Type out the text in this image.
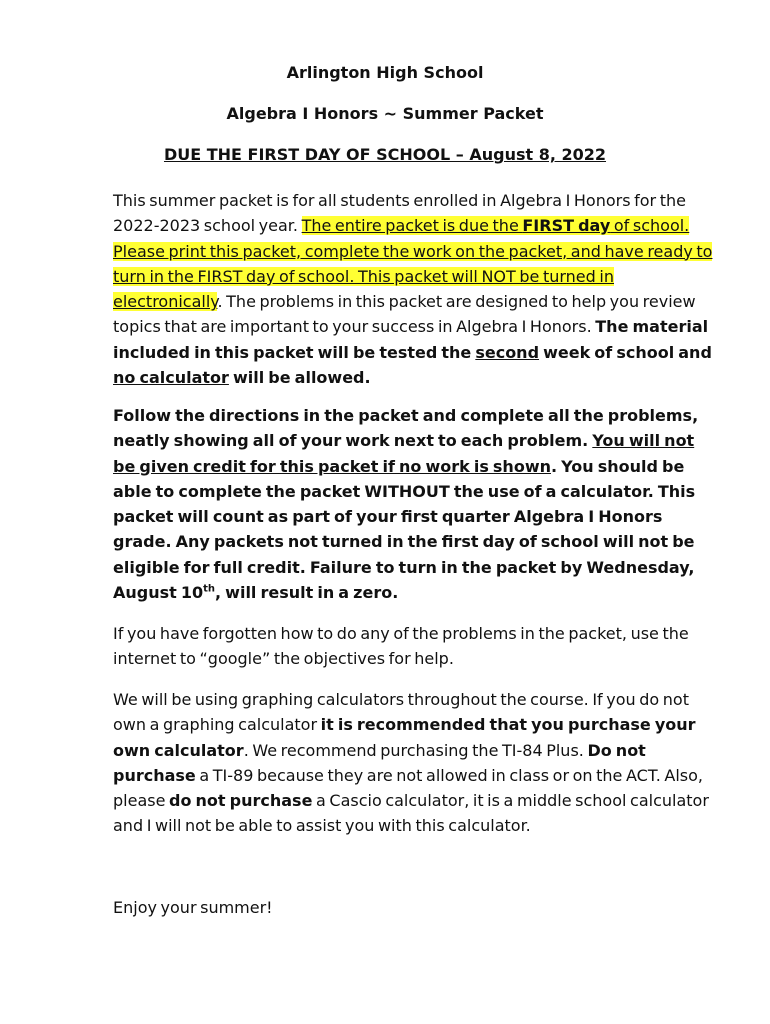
Arlington High School

Algebra I Honors ~ Summer Packet

DUE THE FIRST DAY OF SCHOOL – August 8, 2022

This summer packet is for all students enrolled in Algebra I Honors for the 2022-2023 school year. The entire packet is due the FIRST day of school. Please print this packet, complete the work on the packet, and have ready to turn in the FIRST day of school. This packet will NOT be turned in electronically. The problems in this packet are designed to help you review topics that are important to your success in Algebra I Honors. The material included in this packet will be tested the second week of school and no calculator will be allowed.

Follow the directions in the packet and complete all the problems, neatly showing all of your work next to each problem. You will not be given credit for this packet if no work is shown. You should be able to complete the packet WITHOUT the use of a calculator. This packet will count as part of your first quarter Algebra I Honors grade. Any packets not turned in the first day of school will not be eligible for full credit. Failure to turn in the packet by Wednesday, August 10th, will result in a zero.

If you have forgotten how to do any of the problems in the packet, use the internet to “google” the objectives for help.

We will be using graphing calculators throughout the course. If you do not own a graphing calculator it is recommended that you purchase your own calculator. We recommend purchasing the TI-84 Plus. Do not purchase a TI-89 because they are not allowed in class or on the ACT. Also, please do not purchase a Cascio calculator, it is a middle school calculator and I will not be able to assist you with this calculator.

Enjoy your summer!
